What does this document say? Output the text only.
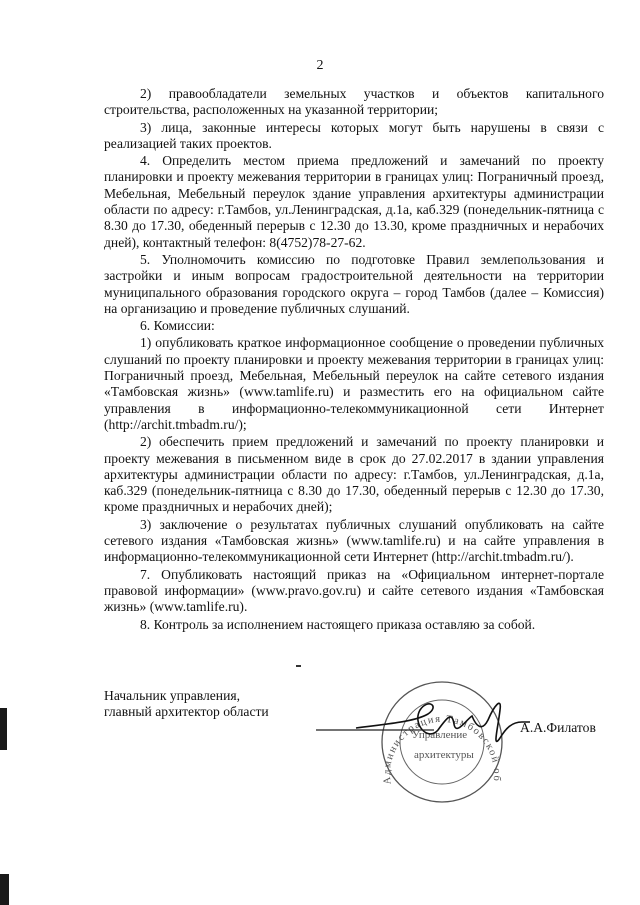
2

2) правообладатели земельных участков и объектов капитального строительства, расположенных на указанной территории;

3) лица, законные интересы которых могут быть нарушены в связи с реализацией таких проектов.

4. Определить местом приема предложений и замечаний по проекту планировки и проекту межевания территории в границах улиц: Пограничный проезд, Мебельная, Мебельный переулок здание управления архитектуры администрации области по адресу: г.Тамбов, ул.Ленинградская, д.1а, каб.329 (понедельник-пятница с 8.30 до 17.30, обеденный перерыв с 12.30 до 13.30, кроме праздничных и нерабочих дней), контактный телефон: 8(4752)78-27-62.

5. Уполномочить комиссию по подготовке Правил землепользования и застройки и иным вопросам градостроительной деятельности на территории муниципального образования городского округа – город Тамбов (далее – Комиссия) на организацию и проведение публичных слушаний.

6. Комиссии:

1) опубликовать краткое информационное сообщение о проведении публичных слушаний по проекту планировки и проекту межевания территории в границах улиц: Пограничный проезд, Мебельная, Мебельный переулок на сайте сетевого издания «Тамбовская жизнь» (www.tamlife.ru) и разместить его на официальном сайте управления в информационно-телекоммуникационной сети Интернет (http://archit.tmbadm.ru/);

2) обеспечить прием предложений и замечаний по проекту планировки и проекту межевания в письменном виде в срок до 27.02.2017 в здании управления архитектуры администрации области по адресу: г.Тамбов, ул.Ленинградская, д.1а, каб.329 (понедельник-пятница с 8.30 до 17.30, обеденный перерыв с 12.30 до 17.30, кроме праздничных и нерабочих дней);

3) заключение о результатах публичных слушаний опубликовать на сайте сетевого издания «Тамбовская жизнь» (www.tamlife.ru) и на сайте управления в информационно-телекоммуникационной сети Интернет (http://archit.tmbadm.ru/).

7. Опубликовать настоящий приказ на «Официальном интернет-портале правовой информации» (www.pravo.gov.ru) и сайте сетевого издания «Тамбовская жизнь» (www.tamlife.ru).

8. Контроль за исполнением настоящего приказа оставляю за собой.

Начальник управления,
главный архитектор области
Администрация Тамбовской об
Управление
архитектуры
А.А.Филатов
